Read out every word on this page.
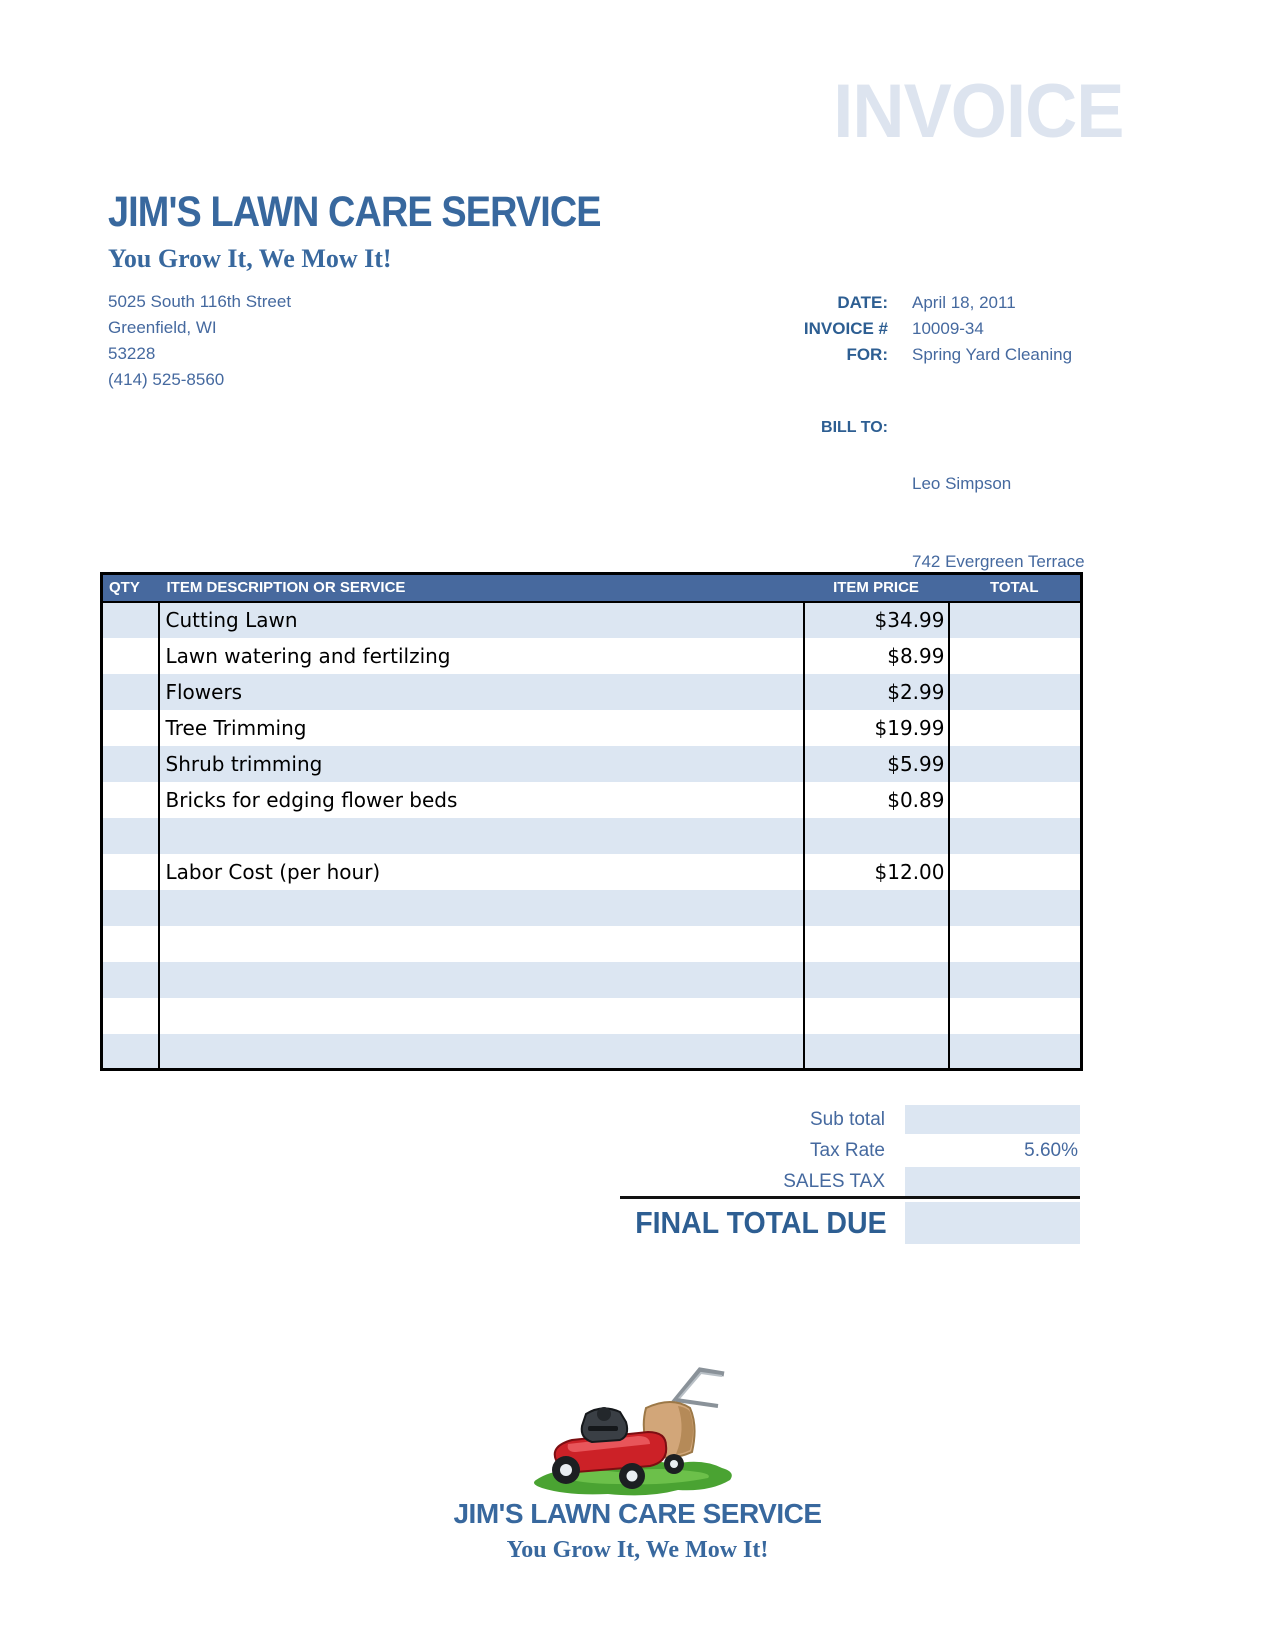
INVOICE
JIM'S LAWN CARE SERVICE
You Grow It, We Mow It!
5025 South 116th Street
Greenfield, WI
53228
(414) 525-8560
DATE: April 18, 2011
INVOICE # 10009-34
FOR: Spring Yard Cleaning
BILL TO:

Leo Simpson

742 Evergreen Terrace

QTY	ITEM DESCRIPTION OR SERVICE	ITEM PRICE	TOTAL
	Cutting Lawn	$34.99	
	Lawn watering and fertilzing	$8.99	
	Flowers	$2.99	
	Tree Trimming	$19.99	
	Shrub trimming	$5.99	
	Bricks for edging flower beds	$0.89	

	Labor Cost (per hour)	$12.00	

Sub total
Tax Rate	5.60%
SALES TAX
FINAL TOTAL DUE
JIM'S LAWN CARE SERVICE
You Grow It, We Mow It!
